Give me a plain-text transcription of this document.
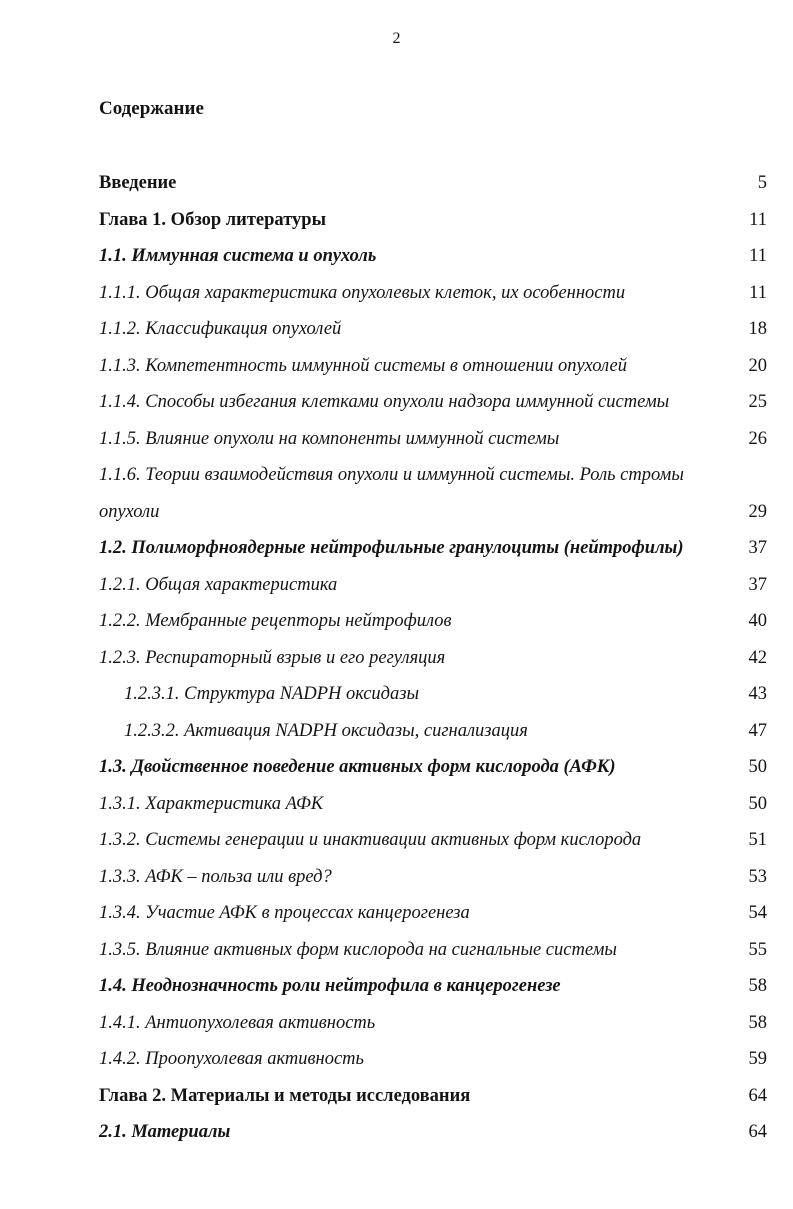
2
Содержание
Введение	5
Глава 1. Обзор литературы	11
1.1. Иммунная система и опухоль	11
1.1.1. Общая характеристика опухолевых клеток, их особенности	11
1.1.2. Классификация опухолей	18
1.1.3. Компетентность иммунной системы в отношении опухолей	20
1.1.4. Способы избегания клетками опухоли надзора иммунной системы	25
1.1.5. Влияние опухоли на компоненты иммунной системы	26
1.1.6. Теории взаимодействия опухоли и иммунной системы. Роль стромы
опухоли	29
1.2. Полиморфноядерные нейтрофильные гранулоциты (нейтрофилы)	37
1.2.1. Общая характеристика	37
1.2.2. Мембранные рецепторы нейтрофилов	40
1.2.3. Респираторный взрыв и его регуляция	42
1.2.3.1. Структура NADPH оксидазы	43
1.2.3.2. Активация NADPH оксидазы, сигнализация	47
1.3. Двойственное поведение активных форм кислорода (АФК)	50
1.3.1. Характеристика АФК	50
1.3.2. Системы генерации и инактивации активных форм кислорода	51
1.3.3. АФК – польза или вред?	53
1.3.4. Участие АФК в процессах канцерогенеза	54
1.3.5. Влияние активных форм кислорода на сигнальные системы	55
1.4. Неоднозначность роли нейтрофила в канцерогенезе	58
1.4.1. Антиопухолевая активность	58
1.4.2. Проопухолевая активность	59
Глава 2. Материалы и методы исследования	64
2.1. Материалы	64
